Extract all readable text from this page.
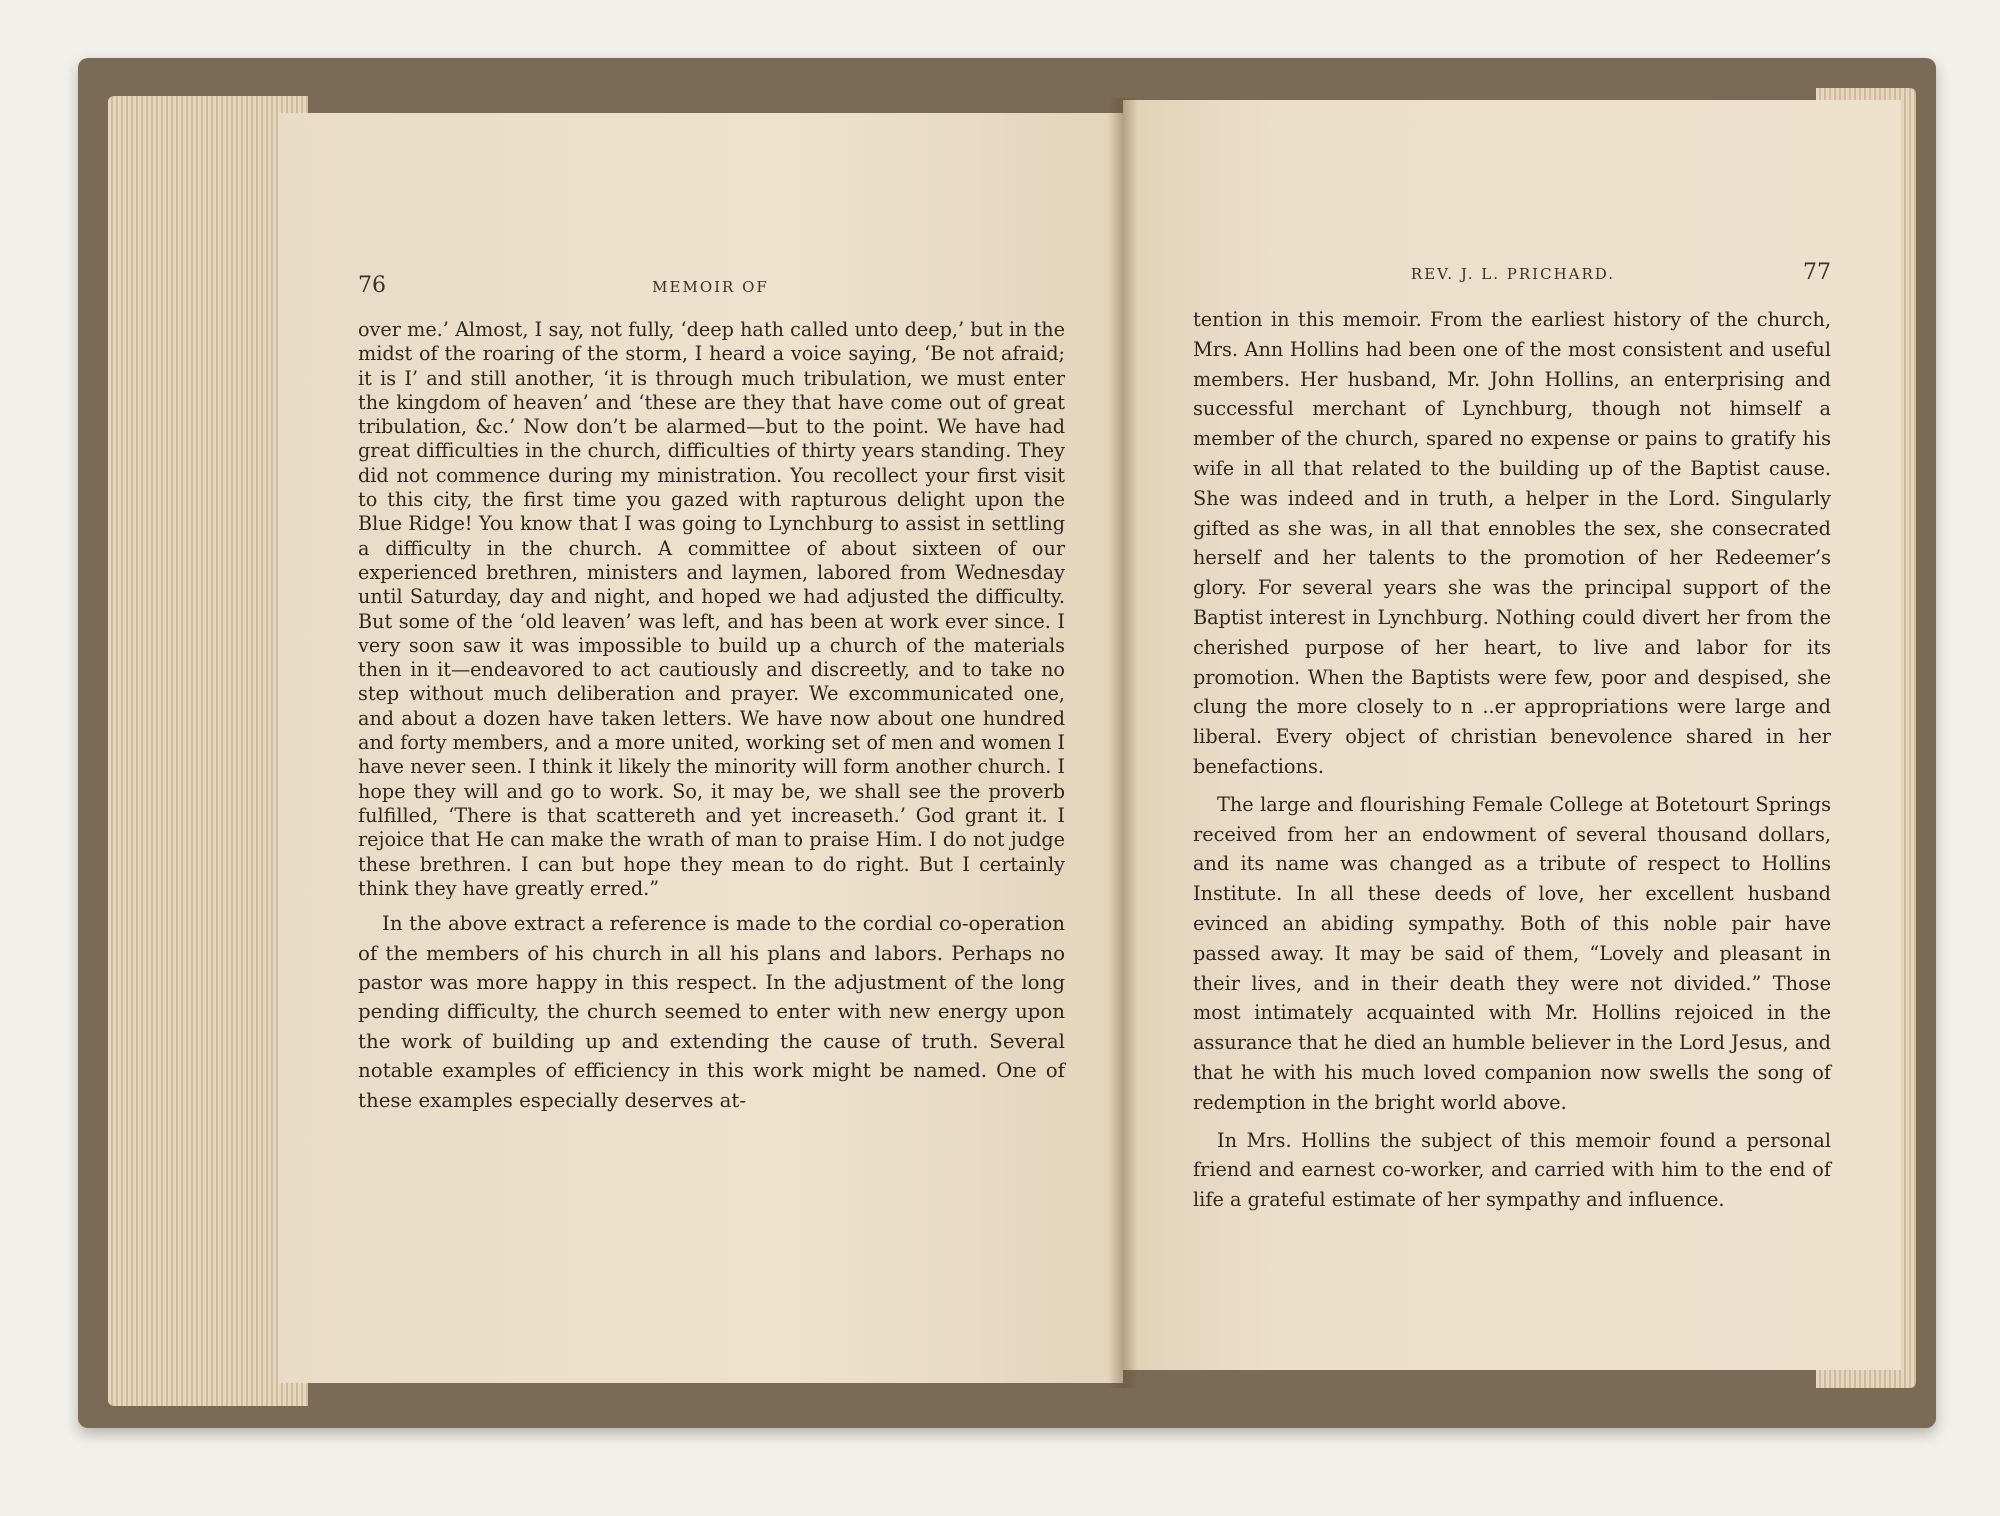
76	MEMOIR OF

over me.’ Almost, I say, not fully, ‘deep hath called unto deep,’ but in the midst of the roaring of the storm, I heard a voice saying, ‘Be not afraid; it is I’ and still another, ‘it is through much tribulation, we must enter the kingdom of heaven’ and ‘these are they that have come out of great tribulation, &c.’ Now don’t be alarmed—but to the point. We have had great difficulties in the church, difficulties of thirty years standing. They did not commence during my ministration. You recollect your first visit to this city, the first time you gazed with rapturous delight upon the Blue Ridge! You know that I was going to Lynchburg to assist in settling a difficulty in the church. A committee of about sixteen of our experienced brethren, ministers and laymen, labored from Wednesday until Saturday, day and night, and hoped we had adjusted the difficulty. But some of the ‘old leaven’ was left, and has been at work ever since. I very soon saw it was impossible to build up a church of the materials then in it—endeavored to act cautiously and discreetly, and to take no step without much deliberation and prayer. We excommunicated one, and about a dozen have taken letters. We have now about one hundred and forty members, and a more united, working set of men and women I have never seen. I think it likely the minority will form another church. I hope they will and go to work. So, it may be, we shall see the proverb fulfilled, ‘There is that scattereth and yet increaseth.’ God grant it. I rejoice that He can make the wrath of man to praise Him. I do not judge these brethren. I can but hope they mean to do right. But I certainly think they have greatly erred.”

In the above extract a reference is made to the cordial co-operation of the members of his church in all his plans and labors. Perhaps no pastor was more happy in this respect. In the adjustment of the long pending difficulty, the church seemed to enter with new energy upon the work of building up and extending the cause of truth. Several notable examples of efficiency in this work might be named. One of these examples especially deserves at-

REV. J. L. PRICHARD.	77

tention in this memoir. From the earliest history of the church, Mrs. Ann Hollins had been one of the most consistent and useful members. Her husband, Mr. John Hollins, an enterprising and successful merchant of Lynchburg, though not himself a member of the church, spared no expense or pains to gratify his wife in all that related to the building up of the Baptist cause. She was indeed and in truth, a helper in the Lord. Singularly gifted as she was, in all that ennobles the sex, she consecrated herself and her talents to the promotion of her Redeemer’s glory. For several years she was the principal support of the Baptist interest in Lynchburg. Nothing could divert her from the cherished purpose of her heart, to live and labor for its promotion. When the Baptists were few, poor and despised, she clung the more closely to n ..er appropriations were large and liberal. Every object of christian benevolence shared in her benefactions.

The large and flourishing Female College at Botetourt Springs received from her an endowment of several thousand dollars, and its name was changed as a tribute of respect to Hollins Institute. In all these deeds of love, her excellent husband evinced an abiding sympathy. Both of this noble pair have passed away. It may be said of them, “Lovely and pleasant in their lives, and in their death they were not divided.” Those most intimately acquainted with Mr. Hollins rejoiced in the assurance that he died an humble believer in the Lord Jesus, and that he with his much loved companion now swells the song of redemption in the bright world above.

In Mrs. Hollins the subject of this memoir found a personal friend and earnest co-worker, and carried with him to the end of life a grateful estimate of her sympathy and influence.
